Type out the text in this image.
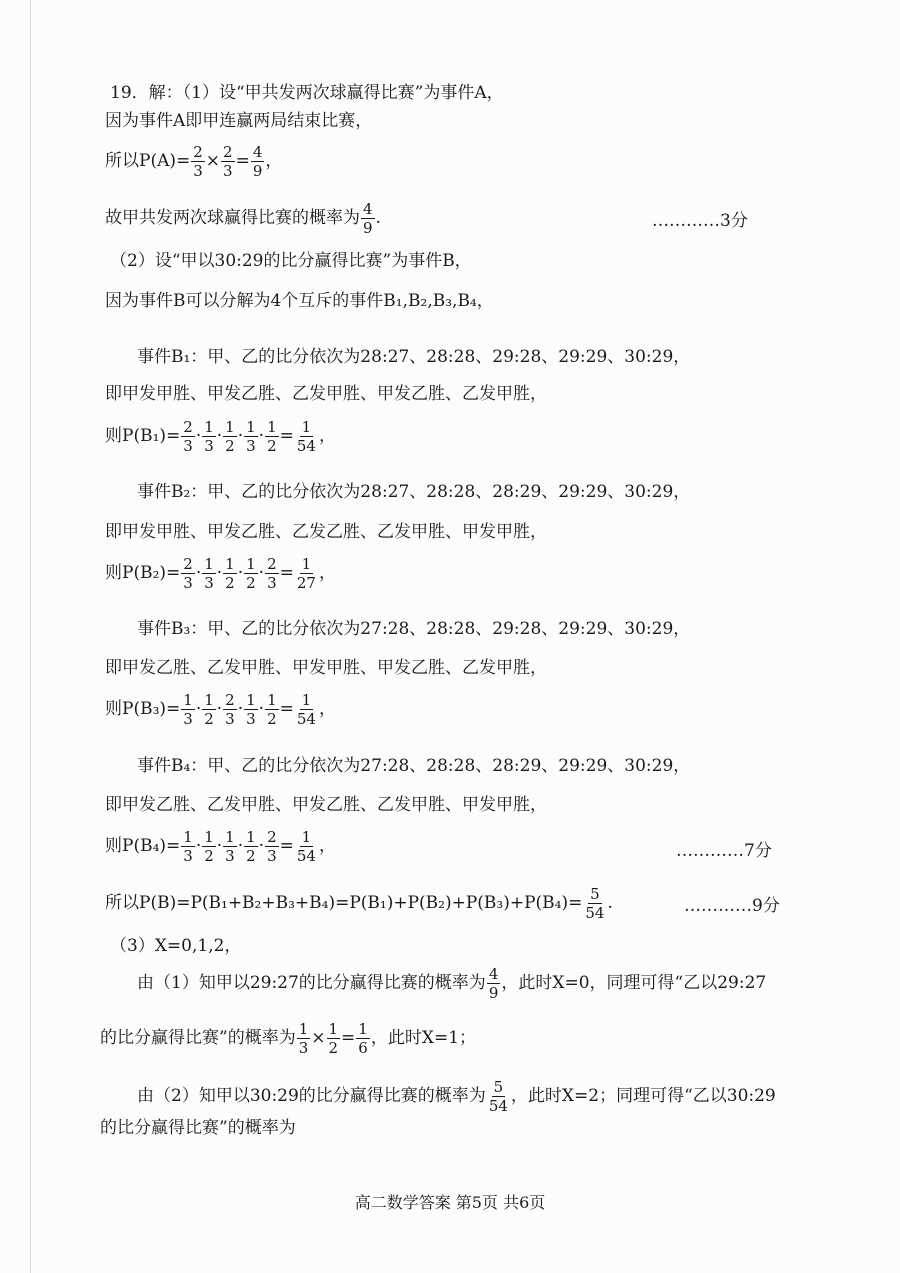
19．解：（1）设“甲共发两次球赢得比赛”为事件A，
因为事件A即甲连赢两局结束比赛，
所以$P(A)= \frac{2}{3} \times \frac{2}{3} = \frac{4}{9}$ ，
故甲共发两次球赢得比赛的概率为 $\frac{4}{9}$ .	…………3分
（2）设“甲以30:29的比分赢得比赛”为事件B，
因为事件B可以分解为4个互斥的事件B₁,B₂,B₃,B₄，
事件B₁：甲、乙的比分依次为28:27、28:28、29:28、29:29、30:29，
即甲发甲胜、甲发乙胜、乙发甲胜、甲发乙胜、乙发甲胜，
则$P(B_1)= \frac{2}{3} \cdot \frac{1}{3} \cdot \frac{1}{2} \cdot \frac{1}{3} \cdot \frac{1}{2} = \frac{1}{54}$ ，
事件B₂：甲、乙的比分依次为28:27、28:28、28:29、29:29、30:29，
即甲发甲胜、甲发乙胜、乙发乙胜、乙发甲胜、甲发甲胜，
则$P(B_2)= \frac{2}{3} \cdot \frac{1}{3} \cdot \frac{1}{2} \cdot \frac{1}{2} \cdot \frac{2}{3} = \frac{1}{27}$ ，
事件B₃：甲、乙的比分依次为27:28、28:28、29:28、29:29、30:29，
即甲发乙胜、乙发甲胜、甲发甲胜、甲发乙胜、乙发甲胜，
则$P(B_3)= \frac{1}{3} \cdot \frac{1}{2} \cdot \frac{2}{3} \cdot \frac{1}{3} \cdot \frac{1}{2} = \frac{1}{54}$ ，
事件B₄：甲、乙的比分依次为27:28、28:28、28:29、29:29、30:29，
即甲发乙胜、乙发甲胜、甲发乙胜、乙发甲胜、甲发甲胜，
则$P(B_4)= \frac{1}{3} \cdot \frac{1}{2} \cdot \frac{1}{3} \cdot \frac{1}{2} \cdot \frac{2}{3} = \frac{1}{54}$ ，	…………7分
所以$P(B)=P(B_1+B_2+B_3+B_4)=P(B_1)+P(B_2)+P(B_3)+P(B_4)= \frac{5}{54}$ .	…………9分
（3）X=0,1,2，
由（1）知甲以29:27的比分赢得比赛的概率为 $\frac{4}{9}$ ，此时X=0，同理可得“乙以29:27
的比分赢得比赛”的概率为 $\frac{1}{3} \times \frac{1}{2} = \frac{1}{6}$ ，此时X=1；
由（2）知甲以30:29的比分赢得比赛的概率为 $\frac{5}{54}$ ，此时X=2；同理可得“乙以30:29
的比分赢得比赛”的概率为
高二数学答案 第5页 共6页
